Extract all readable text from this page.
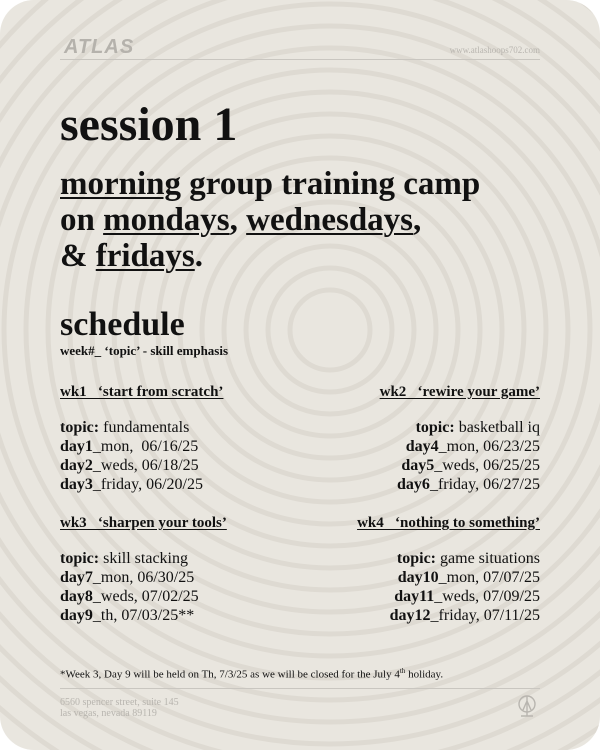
ATLAS	www.atlashoops702.com
session 1
morning group training camp
on mondays, wednesdays,
& fridays.
schedule
week#_ ‘topic’ - skill emphasis
wk1   ‘start from scratch’
topic: fundamentals
day1_mon,  06/16/25
day2_weds, 06/18/25
day3_friday, 06/20/25
wk2   ‘rewire your game’
topic: basketball iq
day4_mon, 06/23/25
day5_weds, 06/25/25
day6_friday, 06/27/25
wk3   ‘sharpen your tools’
topic: skill stacking
day7_mon, 06/30/25
day8_weds, 07/02/25
day9_th, 07/03/25**
wk4   ‘nothing to something’
topic: game situations
day10_mon, 07/07/25
day11_weds, 07/09/25
day12_friday, 07/11/25
*Week 3, Day 9 will be held on Th, 7/3/25 as we will be closed for the July 4th holiday.
6560 spencer street, suite 145
las vegas, nevada 89119
